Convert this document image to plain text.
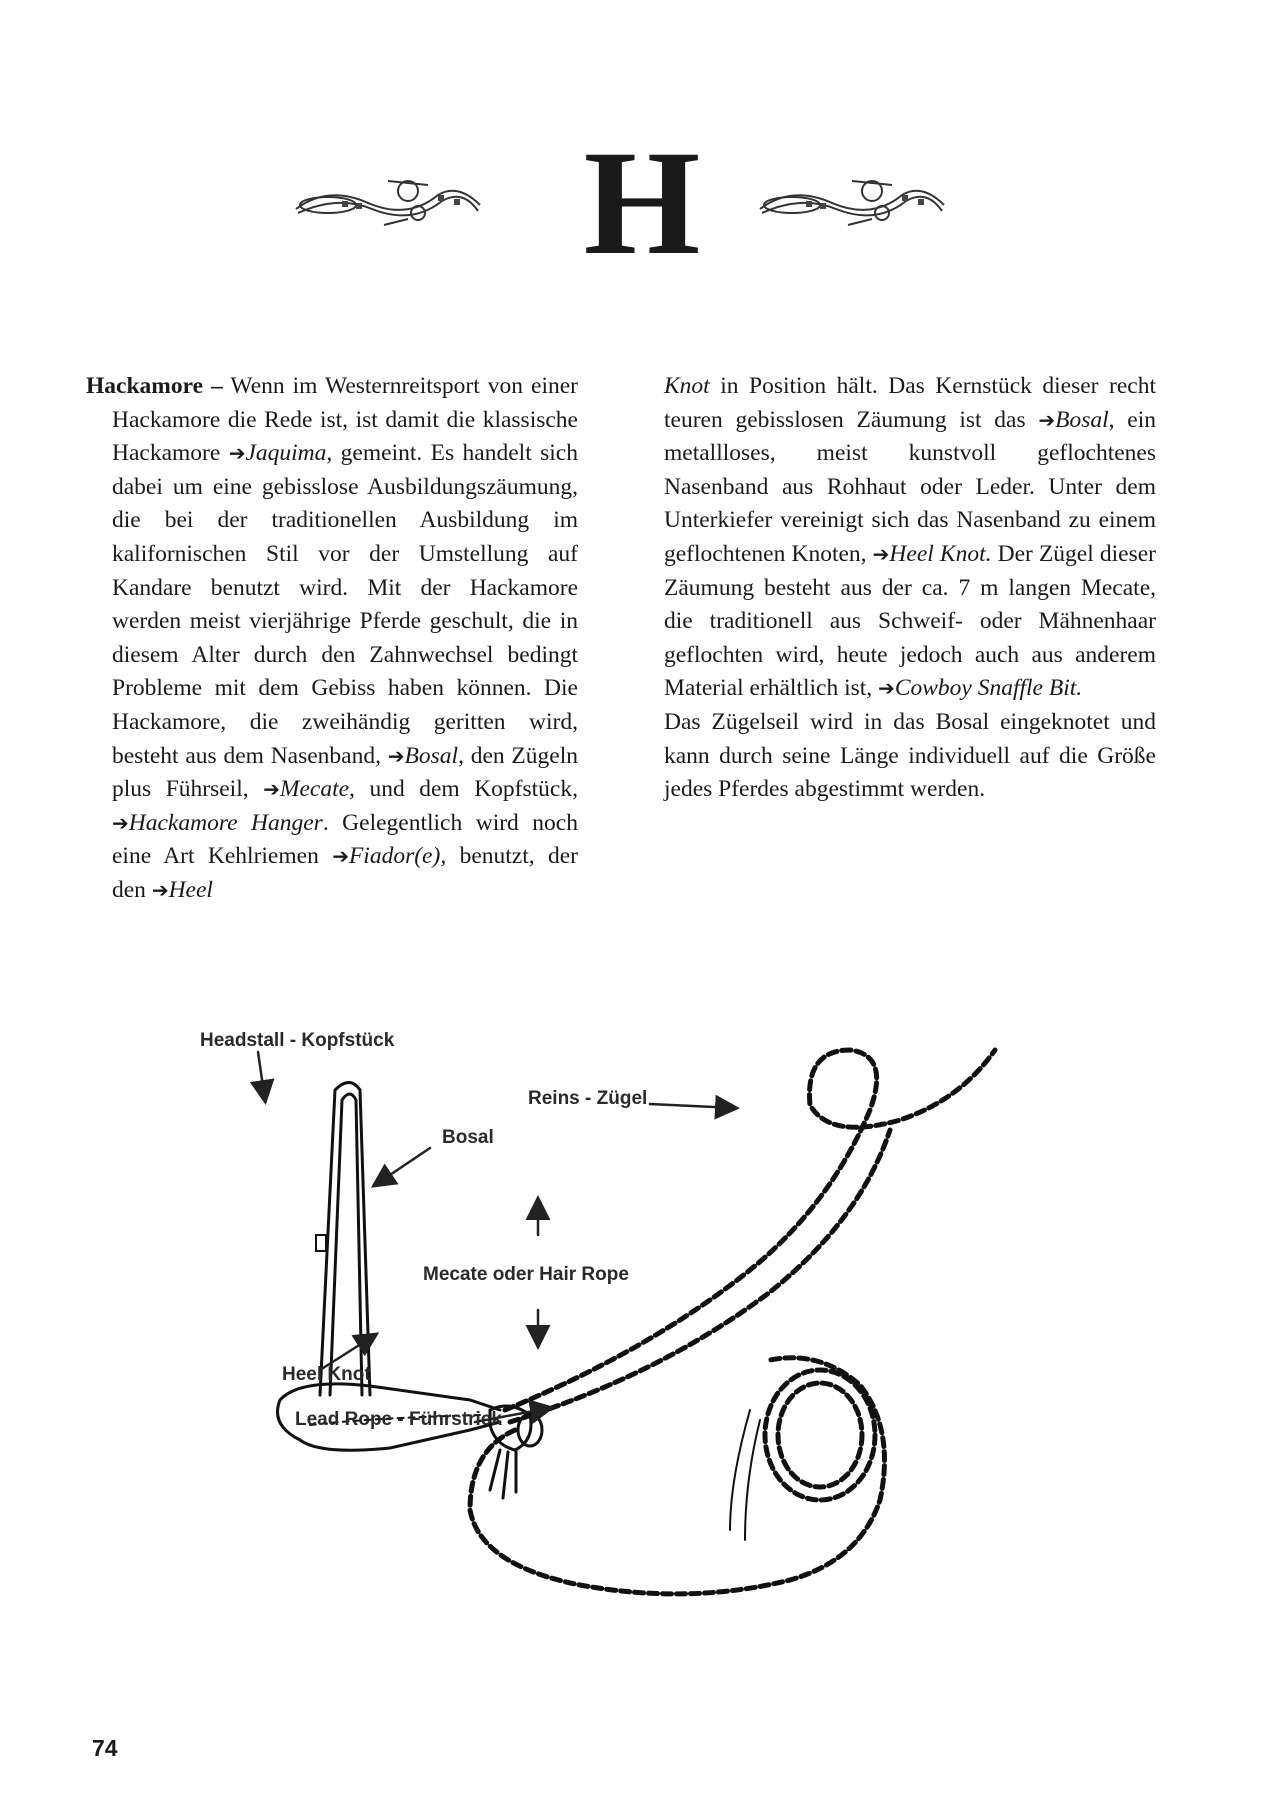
H

Hackamore – Wenn im Westernreitsport von einer Hackamore die Rede ist, ist damit die klassische Hackamore ➔Jaquima, gemeint. Es handelt sich dabei um eine gebisslose Ausbildungszäumung, die bei der traditionellen Ausbildung im kalifornischen Stil vor der Umstellung auf Kandare benutzt wird. Mit der Hackamore werden meist vierjährige Pferde geschult, die in diesem Alter durch den Zahnwechsel bedingt Probleme mit dem Gebiss haben können. Die Hackamore, die zweihändig geritten wird, besteht aus dem Nasenband, ➔Bosal, den Zügeln plus Führseil, ➔Mecate, und dem Kopfstück, ➔Hackamore Hanger. Gelegentlich wird noch eine Art Kehlriemen ➔Fiador(e), benutzt, der den ➔Heel

Knot in Position hält. Das Kernstück dieser recht teuren gebisslosen Zäumung ist das ➔Bosal, ein metallloses, meist kunstvoll geflochtenes Nasenband aus Rohhaut oder Leder. Unter dem Unterkiefer vereinigt sich das Nasenband zu einem geflochtenen Knoten, ➔Heel Knot. Der Zügel dieser Zäumung besteht aus der ca. 7 m langen Mecate, die traditionell aus Schweif- oder Mähnenhaar geflochten wird, heute jedoch auch aus anderem Material erhältlich ist, ➔Cowboy Snaffle Bit.

Das Zügelseil wird in das Bosal eingeknotet und kann durch seine Länge individuell auf die Größe jedes Pferdes abgestimmt werden.

Headstall - Kopfstück
Reins - Zügel
Bosal
Heel Knot
Mecate oder Hair Rope
Lead Rope - Führstrick
74
